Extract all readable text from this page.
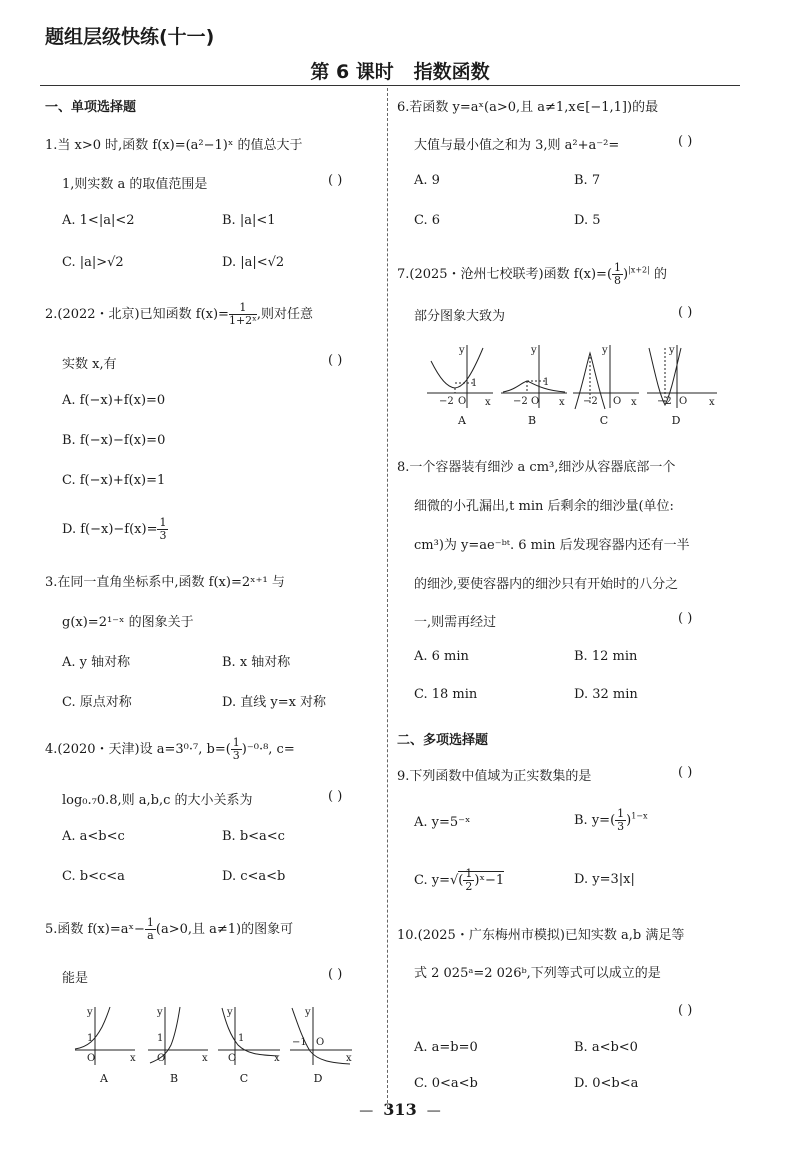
题组层级快练(十一)
第 6 课时   指数函数
一、单项选择题
1.当 x>0 时,函数 f(x)=(a²−1)ˣ 的值总大于
1,则实数 a 的取值范围是	( )
A. 1<|a|<2	B. |a|<1
C. |a|>√2	D. |a|<√2
2.(2022・北京)已知函数 $f(x)= \frac{1}{\text{1+2ˣ}}$ ,则对任意
实数 x,有	( )
A. f(−x)+f(x)=0
B. f(−x)−f(x)=0
C. f(−x)+f(x)=1
D. $f(-x)-f(x)= \frac{1}{3}$
3.在同一直角坐标系中,函数 f(x)=2ˣ⁺¹ 与
g(x)=2¹⁻ˣ 的图象关于
A. y 轴对称	B. x 轴对称
C. 原点对称	D. 直线 y=x 对称
4.(2020・天津)设 a=3⁰·⁷, $b=( \frac{1}{3} )^{-0}\cdot^8$, c=
log₀.₇0.8,则 a,b,c 的大小关系为	( )
A. a<b<c	B. b<a<c
C. b<c<a	D. c<a<b
5.函数 f(x)=aˣ− $\frac{1}{a} (a>0$,且 a≠1)的图象可
能是	( )
y
x
O
1
y
x
O
1
y
x
O
1
y
x
−1 O
A	B	C	D
6.若函数 y=aˣ(a>0,且 a≠1,x∈[−1,1])的最
大值与最小值之和为 3,则 a²+a⁻²=	( )
A. 9	B. 7
C. 6	D. 5
7.(2025・沧州七校联考)函数 $f(x)=( \frac{1}{8} )^{|x+2|}$ 的
部分图象大致为	( )
y
x
−2 O
1
y
x
−2 O
1
y
x
−2 O
y
x
−2 O
A	B	C	D
8.一个容器装有细沙 a cm³,细沙从容器底部一个
细微的小孔漏出,t min 后剩余的细沙量(单位:
cm³)为 y=ae⁻ᵇᵗ. 6 min 后发现容器内还有一半
的细沙,要使容器内的细沙只有开始时的八分之
一,则需再经过	( )
A. 6 min	B. 12 min
C. 18 min	D. 32 min
二、多项选择题
9.下列函数中值域为正实数集的是	( )
A. y=5⁻ˣ	B. $y=( \frac{1}{3} )^{1-x}$
C. $y=√( \frac{1}{2}$ )ˣ−1	D. y=3|x|
10.(2025・广东梅州市模拟)已知实数 a,b 满足等
式 2 025ᵃ=2 026ᵇ,下列等式可以成立的是
( )
A. a=b=0	B. a<b<0
C. 0<a<b	D. 0<b<a
— 313 —
